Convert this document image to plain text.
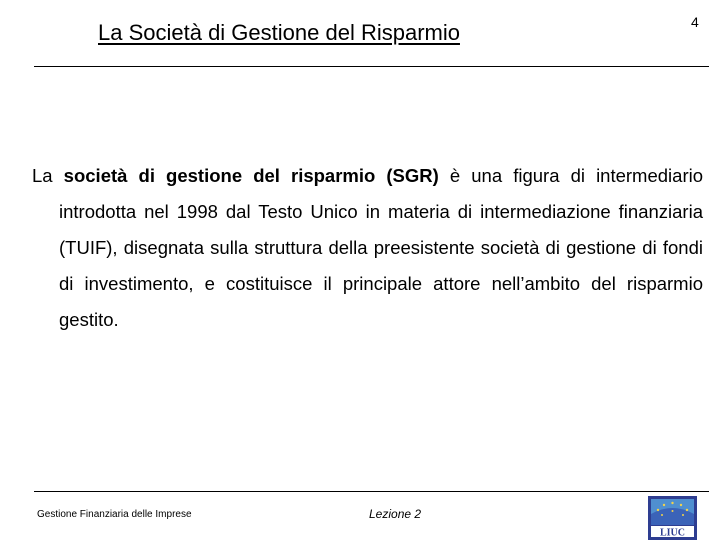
La Società di Gestione del Risparmio	4
La società di gestione del risparmio (SGR) è una figura di intermediario introdotta nel 1998 dal Testo Unico in materia di intermediazione finanziaria (TUIF), disegnata sulla struttura della preesistente società di gestione di fondi di investimento, e costituisce il principale attore nell’ambito del risparmio gestito.
Gestione Finanziaria delle Imprese	Lezione 2
LIUC
